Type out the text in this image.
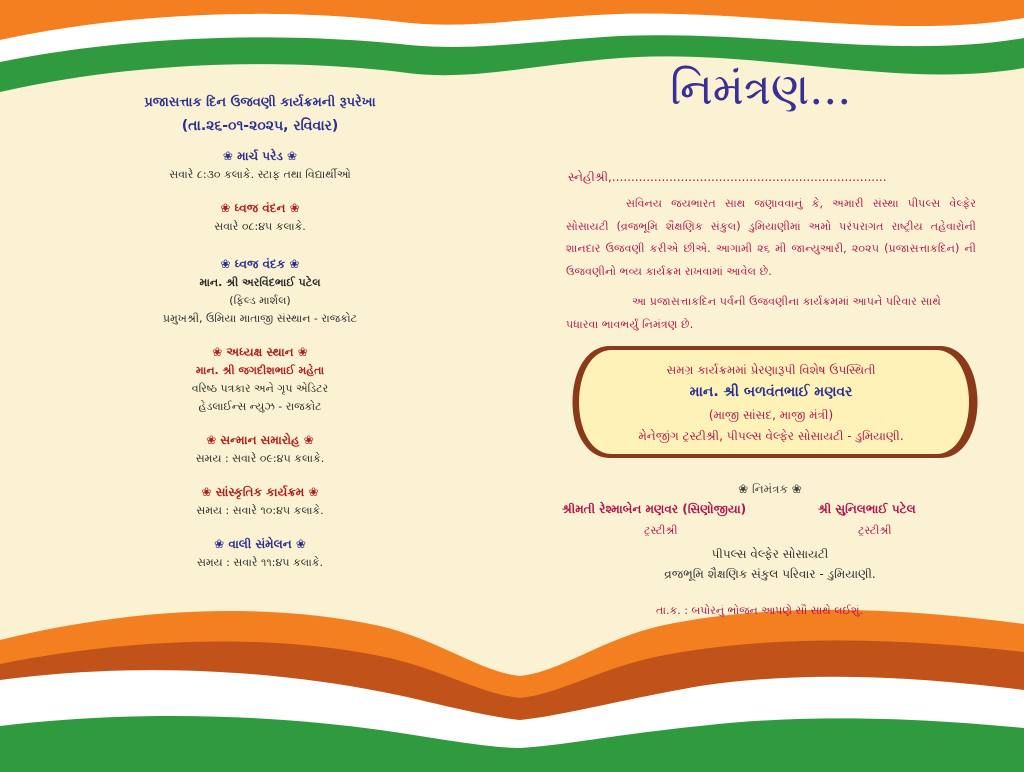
નિમંત્રણ...
પ્રજાસત્તાક દિન ઉજવણી કાર્યક્રમની રૂપરેખા
(તા.૨૬-૦૧-૨૦૨૫, રવિવાર)
❀ માર્ચ પરેડ ❀
સવારે ૮:૩૦ કલાકે. સ્ટાફ તથા વિદ્યાર્થીઓ
❀ ધ્વજ વંદન ❀
સવારે ૦૮:૪૫ કલાકે.
❀ ધ્વજ વંદક ❀
માન. શ્રી અરવિંદભાઈ પટેલ
(ફિલ્ડ માર્શલ)
પ્રમુખશ્રી, ઉમિયા માતાજી સંસ્થાન - રાજકોટ
❀ અધ્યક્ષ સ્થાન ❀
માન. શ્રી જગદીશભાઈ મહેતા
વરિષ્ઠ પત્રકાર અને ગૃપ એડિટર
હેડલાઈન્સ ન્યુઝ - રાજકોટ
❀ સન્માન સમારોહ ❀
સમય : સવારે ૦૯:૪૫ કલાકે.
❀ સાંસ્કૃતિક કાર્યક્રમ ❀
સમય : સવારે ૧૦:૪૫ કલાકે.
❀ વાલી સંમેલન ❀
સમય : સવારે ૧૧:૪૫ કલાકે.
સ્નેહીશ્રી,........................................................................
સવિનય જયભારત સાથ જણાવવાનું કે, અમારી સંસ્થા પીપલ્સ વેલ્ફેર સોસાયટી (વ્રજભૂમિ શૈક્ષણિક સંકુલ) ડુમિયાણીમાં અમો પરંપરાગત રાષ્ટ્રીય તહેવારોની શાનદાર ઉજવણી કરીએ છીએ. આગામી ૨૬ મી જાન્યુઆરી, ૨૦૨૫ (પ્રજાસત્તાકદિન) ની ઉજવણીનો ભવ્ય કાર્યક્રમ રાખવામાં આવેલ છે.
આ પ્રજાસત્તાકદિન પર્વની ઉજવણીના કાર્યક્રમમાં આપને પરિવાર સાથે પધારવા ભાવભર્યું નિમંત્રણ છે.
સમગ્ર કાર્યક્રમમાં પ્રેરણારૂપી વિશેષ ઉપસ્થિતી
માન. શ્રી બળવંતભાઈ મણવર
(માજી સાંસદ, માજી મંત્રી)
મેનેજીંગ ટ્રસ્ટીશ્રી, પીપલ્સ વેલ્ફેર સોસાયટી - ડુમિયાણી.
❀ નિમંત્રક ❀
શ્રીમતી રેશ્માબેન મણવર (સિણોજીયા)	શ્રી સુનિલભાઈ પટેલ
ટ્રસ્ટીશ્રી	ટ્રસ્ટીશ્રી
પીપલ્સ વેલ્ફેર સોસાયટી
વ્રજભૂમિ શૈક્ષણિક સંકુલ પરિવાર - ડુમિયાણી.
તા.ક. : બપોરનું ભોજન આપણે સૌ સાથે લઈશું.
